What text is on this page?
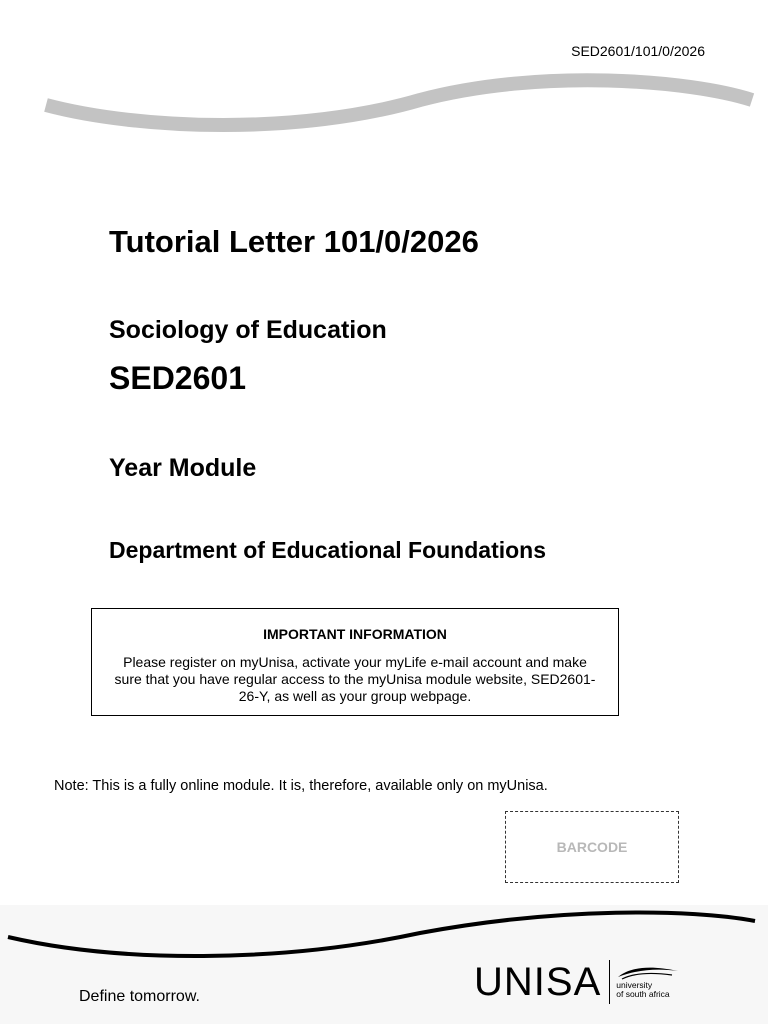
SED2601/101/0/2026
Tutorial Letter 101/0/2026
Sociology of Education
SED2601
Year Module
Department of Educational Foundations
IMPORTANT INFORMATION
Please register on myUnisa, activate your myLife e-mail account and make sure that you have regular access to the myUnisa module website, SED2601-26-Y, as well as your group webpage.
Note: This is a fully online module. It is, therefore, available only on myUnisa.
BARCODE
Define tomorrow.	UNISA university
of south africa
